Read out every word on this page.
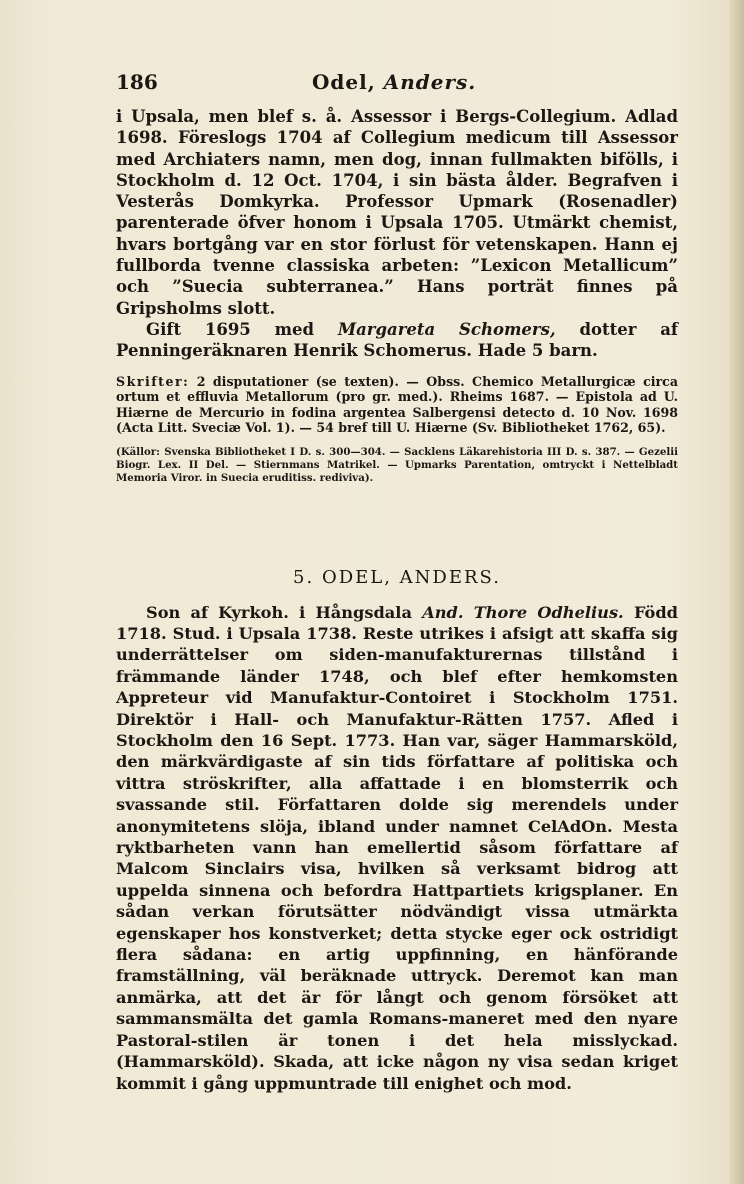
186	Odel, Anders.

i Upsala, men blef s. å. Assessor i Bergs-Collegium. Adlad 1698. Föreslogs 1704 af Collegium medicum till Assessor med Archiaters namn, men dog, innan fullmakten bifölls, i Stockholm d. 12 Oct. 1704, i sin bästa ålder. Begrafven i Vesterås Domkyrka. Professor Upmark (Rosenadler) parenterade öfver honom i Upsala 1705. Utmärkt chemist, hvars bortgång var en stor förlust för vetenskapen. Hann ej fullborda tvenne classiska arbeten: ”Lexicon Metallicum” och ”Suecia subterranea.” Hans porträt finnes på Gripsholms slott.

Gift 1695 med Margareta Schomers, dotter af Penningeräknaren Henrik Schomerus. Hade 5 barn.

Skrifter: 2 disputationer (se texten). — Obss. Chemico Metallurgicæ circa ortum et effluvia Metallorum (pro gr. med.). Rheims 1687. — Epistola ad U. Hiærne de Mercurio in fodina argentea Salbergensi detecto d. 10 Nov. 1698 (Acta Litt. Sveciæ Vol. 1). — 54 bref till U. Hiærne (Sv. Bibliotheket 1762, 65).

(Källor: Svenska Bibliotheket I D. s. 300—304. — Sacklens Läkarehistoria III D. s. 387. — Gezelii Biogr. Lex. II Del. — Stiernmans Matrikel. — Upmarks Parentation, omtryckt i Nettelbladt Memoria Viror. in Suecia eruditiss. rediviva).

5. ODEL, ANDERS.

Son af Kyrkoh. i Hångsdala And. Thore Odhelius. Född 1718. Stud. i Upsala 1738. Reste utrikes i afsigt att skaffa sig underrättelser om siden-manufakturernas tillstånd i främmande länder 1748, och blef efter hemkomsten Appreteur vid Manufaktur-Contoiret i Stockholm 1751. Direktör i Hall- och Manufaktur-Rätten 1757. Afled i Stockholm den 16 Sept. 1773. Han var, säger Hammarsköld, den märkvärdigaste af sin tids författare af politiska och vittra ströskrifter, alla affattade i en blomsterrik och svassande stil. Författaren dolde sig merendels under anonymitetens slöja, ibland under namnet CelAdOn. Mesta ryktbarheten vann han emellertid såsom författare af Malcom Sinclairs visa, hvilken så verksamt bidrog att uppelda sinnena och befordra Hattpartiets krigsplaner. En sådan verkan förutsätter nödvändigt vissa utmärkta egenskaper hos konstverket; detta stycke eger ock ostridigt flera sådana: en artig uppfinning, en hänförande framställning, väl beräknade uttryck. Deremot kan man anmärka, att det är för långt och genom försöket att sammansmälta det gamla Romans-maneret med den nyare Pastoral-stilen är tonen i det hela misslyckad. (Hammarsköld). Skada, att icke någon ny visa sedan kriget kommit i gång uppmuntrade till enighet och mod.
